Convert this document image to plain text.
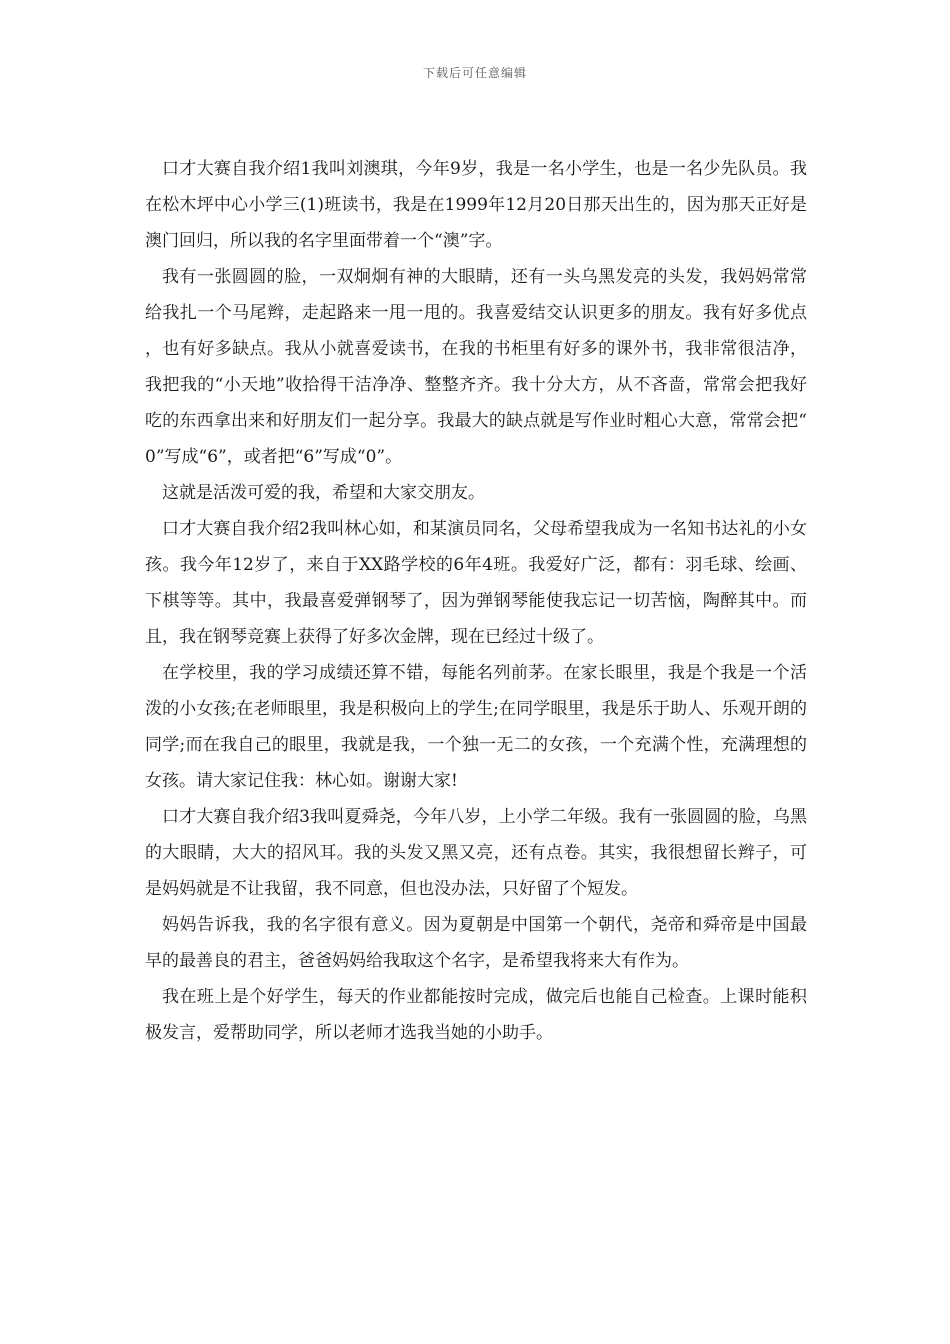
下载后可任意编辑

口才大赛自我介绍1我叫刘澳琪，今年9岁，我是一名小学生，也是一名少先队员。我在松木坪中心小学三(1)班读书，我是在1999年12月20日那天出生的，因为那天正好是澳门回归，所以我的名字里面带着一个“澳”字。

我有一张圆圆的脸，一双炯炯有神的大眼睛，还有一头乌黑发亮的头发，我妈妈常常给我扎一个马尾辫，走起路来一甩一甩的。我喜爱结交认识更多的朋友。我有好多优点，也有好多缺点。我从小就喜爱读书，在我的书柜里有好多的课外书，我非常很洁净，我把我的“小天地”收拾得干洁净净、整整齐齐。我十分大方，从不吝啬，常常会把我好吃的东西拿出来和好朋友们一起分享。我最大的缺点就是写作业时粗心大意，常常会把“0”写成“6”，或者把“6”写成“0”。

这就是活泼可爱的我，希望和大家交朋友。

口才大赛自我介绍2我叫林心如，和某演员同名，父母希望我成为一名知书达礼的小女孩。我今年12岁了，来自于XX路学校的6年4班。我爱好广泛，都有：羽毛球、绘画、下棋等等。其中，我最喜爱弹钢琴了，因为弹钢琴能使我忘记一切苦恼，陶醉其中。而且，我在钢琴竞赛上获得了好多次金牌，现在已经过十级了。

在学校里，我的学习成绩还算不错，每能名列前茅。在家长眼里，我是个我是一个活泼的小女孩;在老师眼里，我是积极向上的学生;在同学眼里，我是乐于助人、乐观开朗的同学;而在我自己的眼里，我就是我，一个独一无二的女孩，一个充满个性，充满理想的女孩。请大家记住我：林心如。谢谢大家!

口才大赛自我介绍3我叫夏舜尧，今年八岁，上小学二年级。我有一张圆圆的脸，乌黑的大眼睛，大大的招风耳。我的头发又黑又亮，还有点卷。其实，我很想留长辫子，可是妈妈就是不让我留，我不同意，但也没办法，只好留了个短发。

妈妈告诉我，我的名字很有意义。因为夏朝是中国第一个朝代，尧帝和舜帝是中国最早的最善良的君主，爸爸妈妈给我取这个名字，是希望我将来大有作为。

我在班上是个好学生，每天的作业都能按时完成，做完后也能自己检查。上课时能积极发言，爱帮助同学，所以老师才选我当她的小助手。
